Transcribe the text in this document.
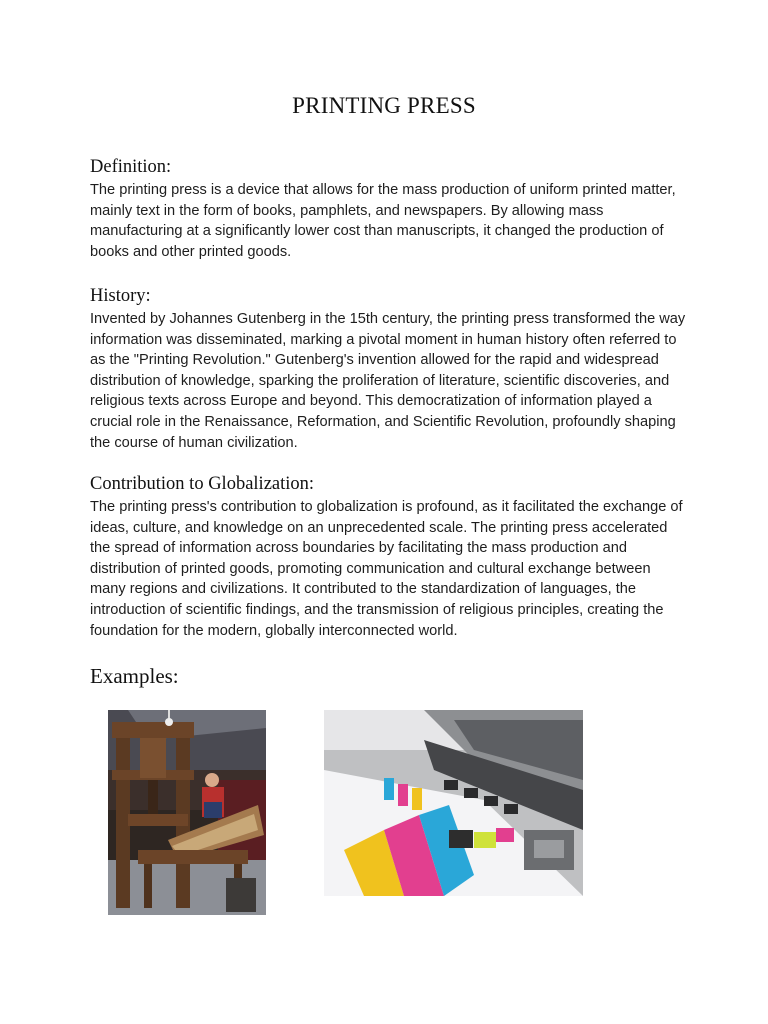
PRINTING PRESS
Definition:

The printing press is a device that allows for the mass production of uniform printed matter, mainly text in the form of books, pamphlets, and newspapers. By allowing mass manufacturing at a significantly lower cost than manuscripts, it changed the production of books and other printed goods.

History:

Invented by Johannes Gutenberg in the 15th century, the printing press transformed the way information was disseminated, marking a pivotal moment in human history often referred to as the "Printing Revolution." Gutenberg's invention allowed for the rapid and widespread distribution of knowledge, sparking the proliferation of literature, scientific discoveries, and religious texts across Europe and beyond. This democratization of information played a crucial role in the Renaissance, Reformation, and Scientific Revolution, profoundly shaping the course of human civilization.

Contribution to Globalization:

The printing press's contribution to globalization is profound, as it facilitated the exchange of ideas, culture, and knowledge on an unprecedented scale. The printing press accelerated the spread of information across boundaries by facilitating the mass production and distribution of printed goods, promoting communication and cultural exchange between many regions and civilizations. It contributed to the standardization of languages, the introduction of scientific findings, and the transmission of religious principles, creating the foundation for the modern, globally interconnected world.

Examples:
